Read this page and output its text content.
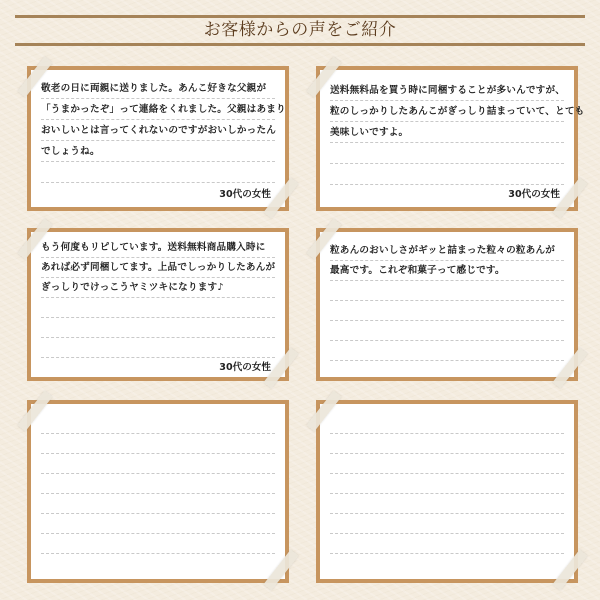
お客様からの声をご紹介
敬老の日に両親に送りました。あんこ好きな父親が
「うまかったぞ」って連絡をくれました。父親はあまり
おいしいとは言ってくれないのですがおいしかったん
でしょうね。
30代の女性
送料無料品を買う時に同梱することが多いんですが、
粒のしっかりしたあんこがぎっしり詰まっていて、とても
美味しいですよ。
30代の女性
もう何度もリピしています。送料無料商品購入時に
あれば必ず同梱してます。上品でしっかりしたあんが
ぎっしりでけっこうヤミツキになります♪
30代の女性
粒あんのおいしさがギッと詰まった粒々の粒あんが
最高です。これぞ和菓子って感じです。
